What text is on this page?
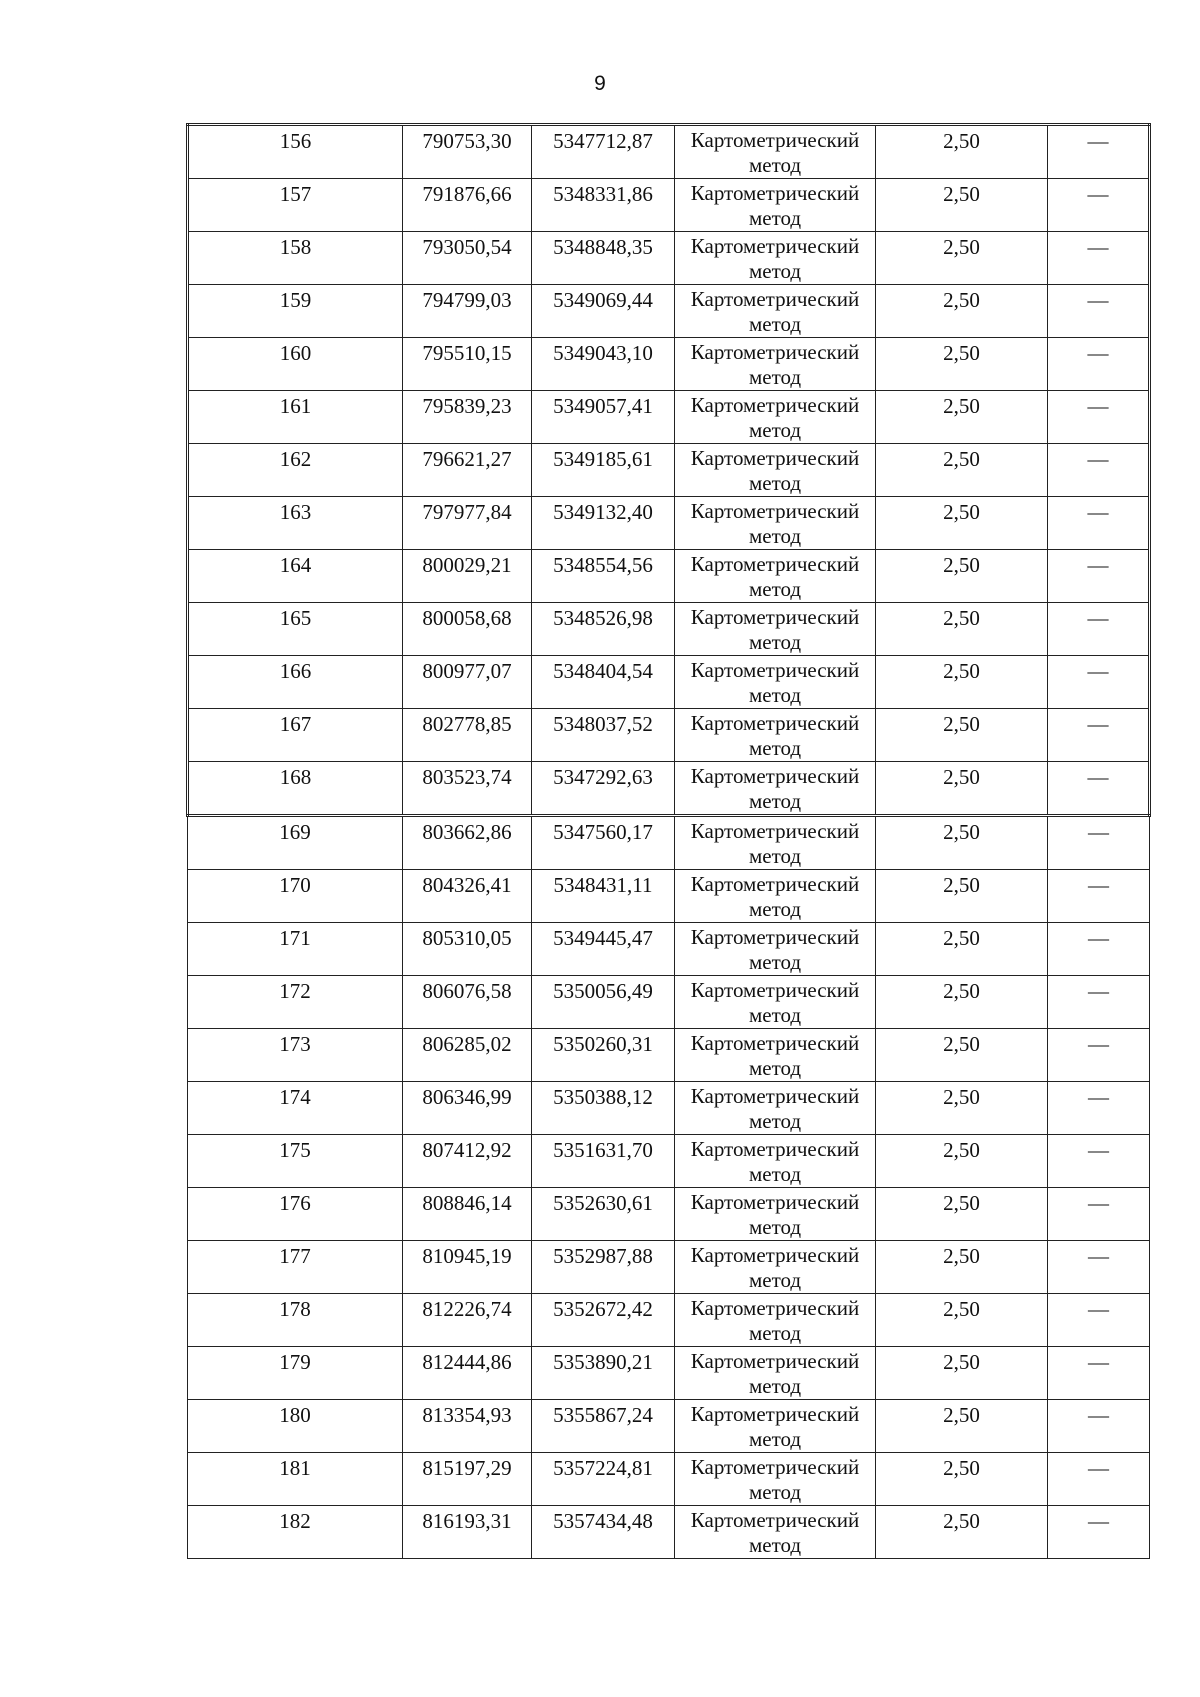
9
156	790753,30	5347712,87	Картометрический метод	2,50	—
157	791876,66	5348331,86	Картометрический метод	2,50	—
158	793050,54	5348848,35	Картометрический метод	2,50	—
159	794799,03	5349069,44	Картометрический метод	2,50	—
160	795510,15	5349043,10	Картометрический метод	2,50	—
161	795839,23	5349057,41	Картометрический метод	2,50	—
162	796621,27	5349185,61	Картометрический метод	2,50	—
163	797977,84	5349132,40	Картометрический метод	2,50	—
164	800029,21	5348554,56	Картометрический метод	2,50	—
165	800058,68	5348526,98	Картометрический метод	2,50	—
166	800977,07	5348404,54	Картометрический метод	2,50	—
167	802778,85	5348037,52	Картометрический метод	2,50	—
168	803523,74	5347292,63	Картометрический метод	2,50	—
169	803662,86	5347560,17	Картометрический метод	2,50	—
170	804326,41	5348431,11	Картометрический метод	2,50	—
171	805310,05	5349445,47	Картометрический метод	2,50	—
172	806076,58	5350056,49	Картометрический метод	2,50	—
173	806285,02	5350260,31	Картометрический метод	2,50	—
174	806346,99	5350388,12	Картометрический метод	2,50	—
175	807412,92	5351631,70	Картометрический метод	2,50	—
176	808846,14	5352630,61	Картометрический метод	2,50	—
177	810945,19	5352987,88	Картометрический метод	2,50	—
178	812226,74	5352672,42	Картометрический метод	2,50	—
179	812444,86	5353890,21	Картометрический метод	2,50	—
180	813354,93	5355867,24	Картометрический метод	2,50	—
181	815197,29	5357224,81	Картометрический метод	2,50	—
182	816193,31	5357434,48	Картометрический метод	2,50	—
